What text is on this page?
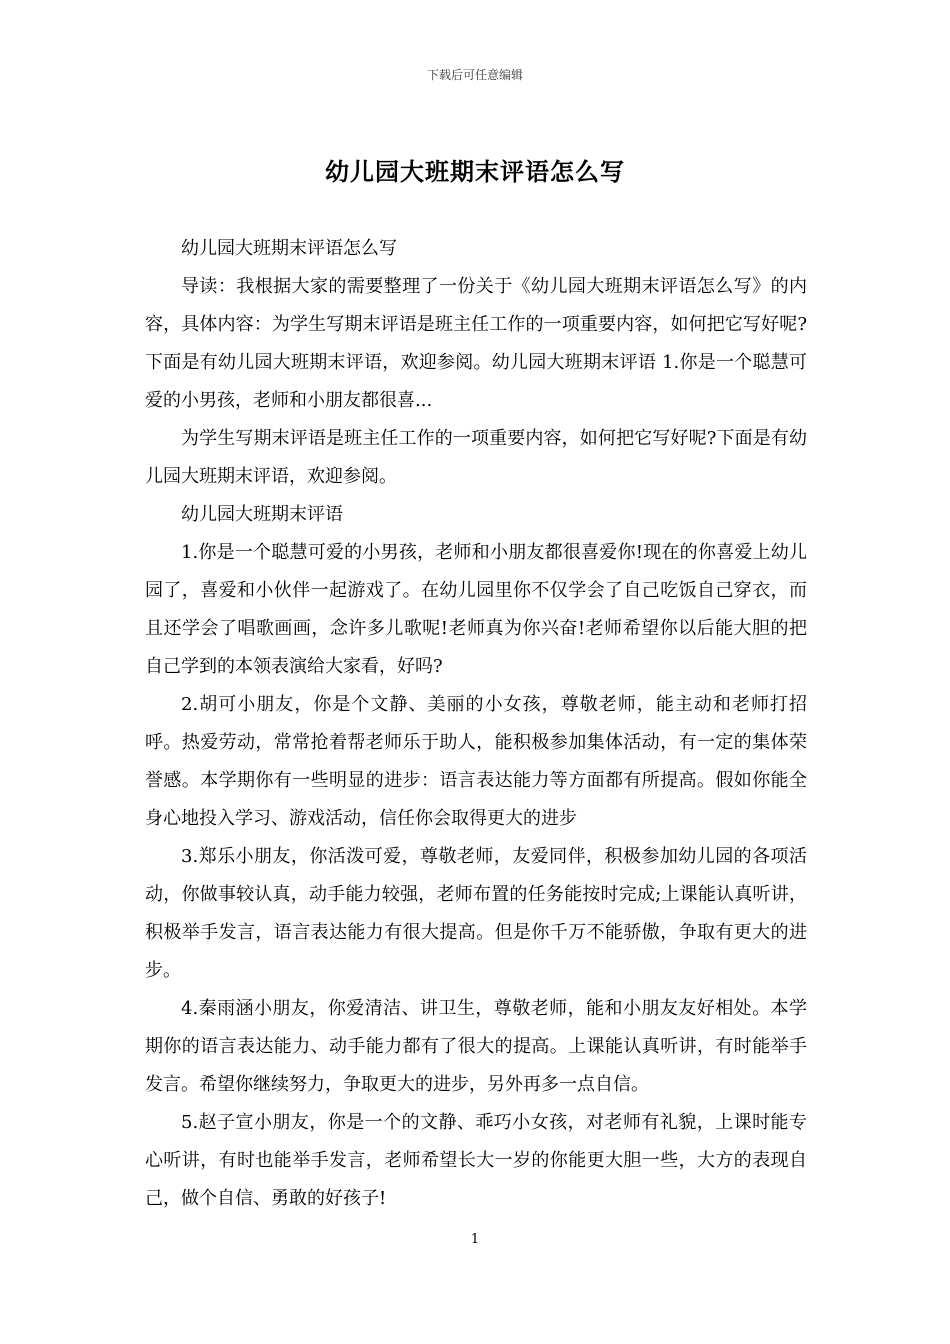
下载后可任意编辑
幼儿园大班期末评语怎么写

幼儿园大班期末评语怎么写

导读：我根据大家的需要整理了一份关于《幼儿园大班期末评语怎么写》的内容，具体内容：为学生写期末评语是班主任工作的一项重要内容，如何把它写好呢?下面是有幼儿园大班期末评语，欢迎参阅。幼儿园大班期末评语 1.你是一个聪慧可爱的小男孩，老师和小朋友都很喜...

为学生写期末评语是班主任工作的一项重要内容，如何把它写好呢?下面是有幼儿园大班期末评语，欢迎参阅。

幼儿园大班期末评语

1.你是一个聪慧可爱的小男孩，老师和小朋友都很喜爱你!现在的你喜爱上幼儿园了，喜爱和小伙伴一起游戏了。在幼儿园里你不仅学会了自己吃饭自己穿衣，而且还学会了唱歌画画，念许多儿歌呢!老师真为你兴奋!老师希望你以后能大胆的把自己学到的本领表演给大家看，好吗?

2.胡可小朋友，你是个文静、美丽的小女孩，尊敬老师，能主动和老师打招呼。热爱劳动，常常抢着帮老师乐于助人，能积极参加集体活动，有一定的集体荣誉感。本学期你有一些明显的进步：语言表达能力等方面都有所提高。假如你能全身心地投入学习、游戏活动，信任你会取得更大的进步

3.郑乐小朋友，你活泼可爱，尊敬老师，友爱同伴，积极参加幼儿园的各项活动，你做事较认真，动手能力较强，老师布置的任务能按时完成;上课能认真听讲，积极举手发言，语言表达能力有很大提高。但是你千万不能骄傲，争取有更大的进步。

4.秦雨涵小朋友，你爱清洁、讲卫生，尊敬老师，能和小朋友友好相处。本学期你的语言表达能力、动手能力都有了很大的提高。上课能认真听讲，有时能举手发言。希望你继续努力，争取更大的进步，另外再多一点自信。

5.赵子宣小朋友，你是一个的文静、乖巧小女孩，对老师有礼貌，上课时能专心听讲，有时也能举手发言，老师希望长大一岁的你能更大胆一些，大方的表现自己，做个自信、勇敢的好孩子!

1
